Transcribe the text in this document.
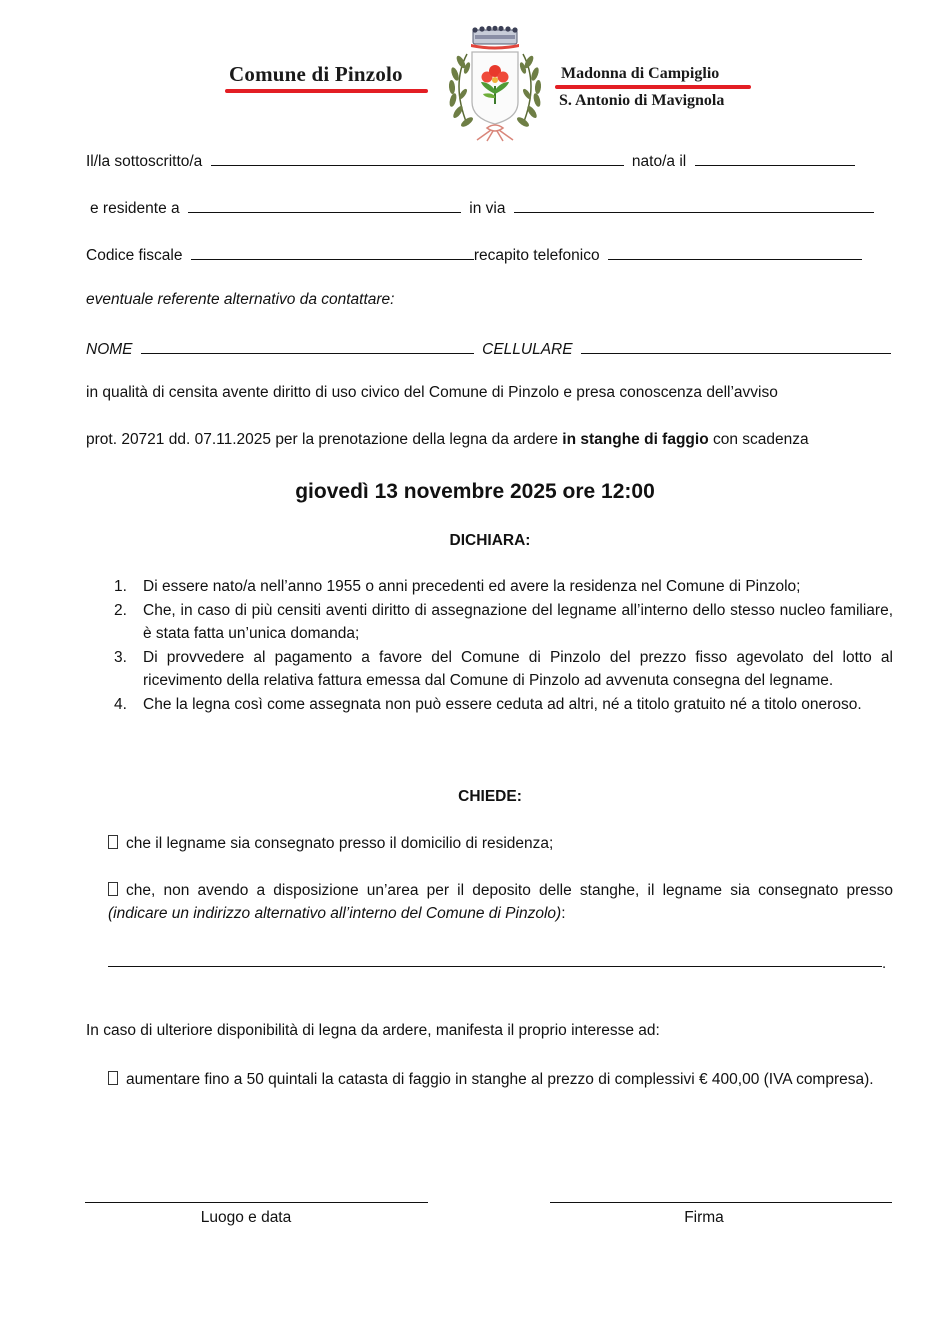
Comune di Pinzolo	Madonna di Campiglio
S. Antonio di Mavignola
Il/la sottoscritto/a	nato/a il
e residente a	in via
Codice fiscale	recapito telefonico
eventuale referente alternativo da contattare:
NOME	CELLULARE
in qualità di censita avente diritto di uso civico del Comune di Pinzolo e presa conoscenza dell’avviso
prot. 20721 dd. 07.11.2025 per la prenotazione della legna da ardere in stanghe di faggio con scadenza
giovedì 13 novembre 2025 ore 12:00
DICHIARA:
1. Di essere nato/a nell’anno 1955 o anni precedenti ed avere la residenza nel Comune di Pinzolo;
2. Che, in caso di più censiti aventi diritto di assegnazione del legname all’interno dello stesso nucleo familiare, è stata fatta un’unica domanda;
3. Di provvedere al pagamento a favore del Comune di Pinzolo del prezzo fisso agevolato del lotto al ricevimento della relativa fattura emessa dal Comune di Pinzolo ad avvenuta consegna del legname.
4. Che la legna così come assegnata non può essere ceduta ad altri, né a titolo gratuito né a titolo oneroso.
CHIEDE:
che il legname sia consegnato presso il domicilio di residenza;
che, non avendo a disposizione un’area per il deposito delle stanghe, il legname sia consegnato presso (indicare un indirizzo alternativo all’interno del Comune di Pinzolo):
.
In caso di ulteriore disponibilità di legna da ardere, manifesta il proprio interesse ad:
aumentare fino a 50 quintali la catasta di faggio in stanghe al prezzo di complessivi € 400,00 (IVA compresa).
Luogo e data	Firma
